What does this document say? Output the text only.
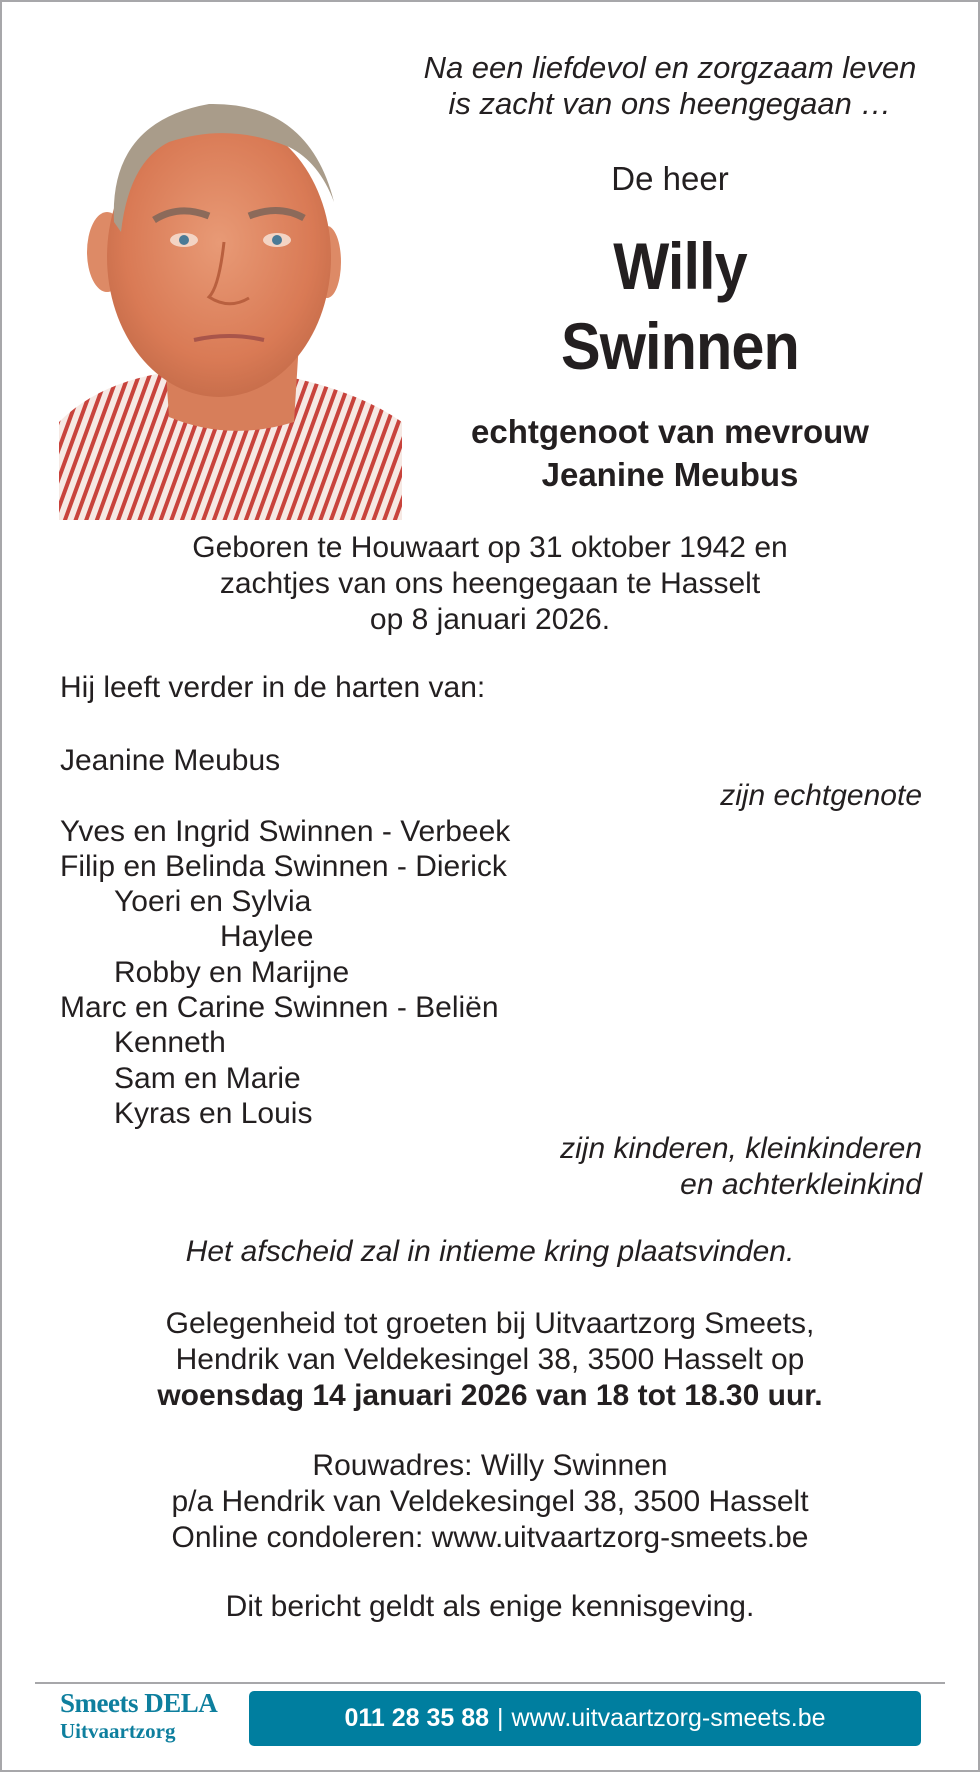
Na een liefdevol en zorgzaam leven
is zacht van ons heengegaan …
De heer
Willy
Swinnen
echtgenoot van mevrouw
Jeanine Meubus
Geboren te Houwaart op 31 oktober 1942 en
zachtjes van ons heengegaan te Hasselt
op 8 januari 2026.
Hij leeft verder in de harten van:
Jeanine Meubus
zijn echtgenote
Yves en Ingrid Swinnen - Verbeek
Filip en Belinda Swinnen - Dierick
Yoeri en Sylvia
Haylee
Robby en Marijne
Marc en Carine Swinnen - Beliën
Kenneth
Sam en Marie
Kyras en Louis
zijn kinderen, kleinkinderen
en achterkleinkind
Het afscheid zal in intieme kring plaatsvinden.
Gelegenheid tot groeten bij Uitvaartzorg Smeets,
Hendrik van Veldekesingel 38, 3500 Hasselt op
woensdag 14 januari 2026 van 18 tot 18.30 uur.
Rouwadres: Willy Swinnen
p/a Hendrik van Veldekesingel 38, 3500 Hasselt
Online condoleren: www.uitvaartzorg-smeets.be
Dit bericht geldt als enige kennisgeving.
Smeets DELA
Uitvaartzorg	011 28 35 88 | www.uitvaartzorg-smeets.be
